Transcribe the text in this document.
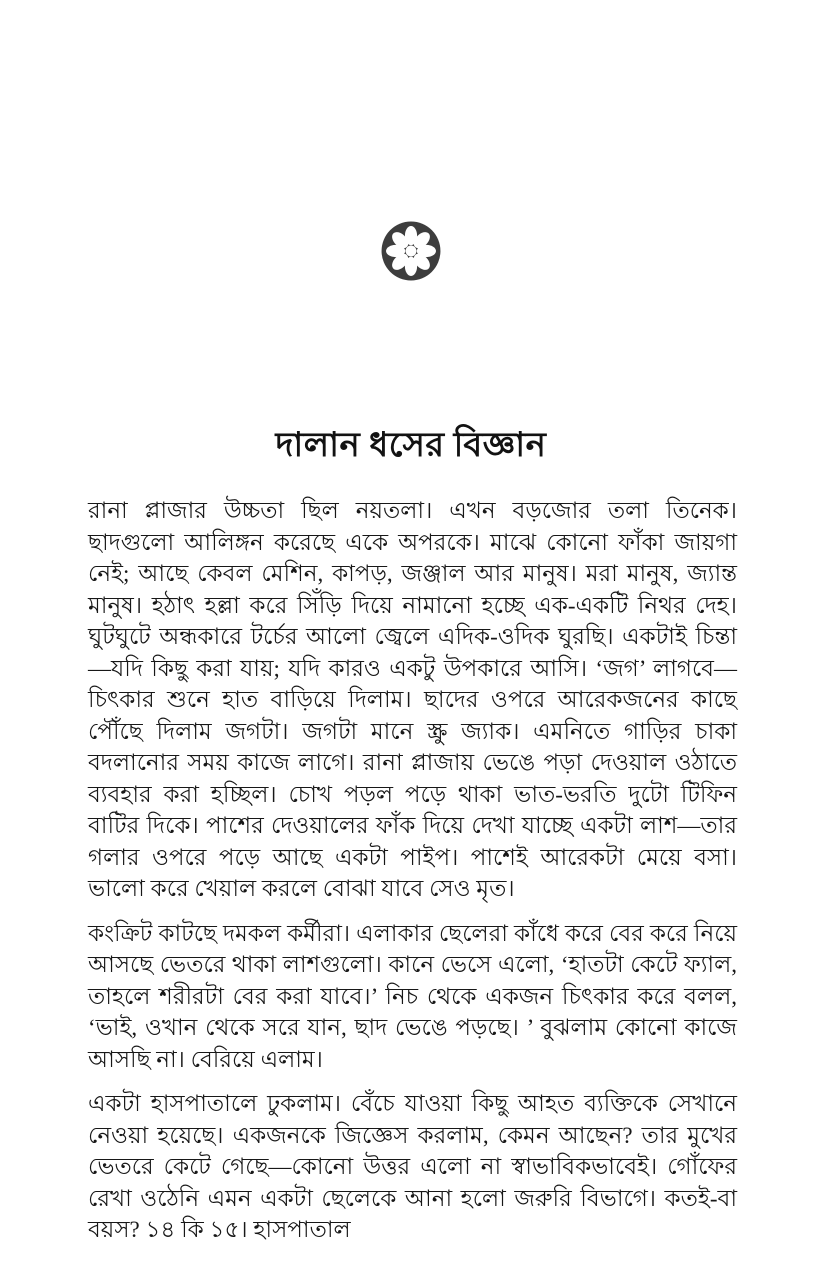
দালান ধসের বিজ্ঞান

রানা প্লাজার উচ্চতা ছিল নয়তলা। এখন বড়জোর তলা তিনেক। ছাদগুলো আলিঙ্গন করেছে একে অপরকে। মাঝে কোনো ফাঁকা জায়গা নেই; আছে কেবল মেশিন, কাপড়, জঞ্জাল আর মানুষ। মরা মানুষ, জ্যান্ত মানুষ। হঠাৎ হল্লা করে সিঁড়ি দিয়ে নামানো হচ্ছে এক-একটি নিথর দেহ। ঘুটঘুটে অন্ধকারে টর্চের আলো জ্বেলে এদিক-ওদিক ঘুরছি। একটাই চিন্তা—যদি কিছু করা যায়; যদি কারও একটু উপকারে আসি। ‘জগ’ লাগবে—চিৎকার শুনে হাত বাড়িয়ে দিলাম। ছাদের ওপরে আরেকজনের কাছে পৌঁছে দিলাম জগটা। জগটা মানে স্ক্রু জ্যাক। এমনিতে গাড়ির চাকা বদলানোর সময় কাজে লাগে। রানা প্লাজায় ভেঙে পড়া দেওয়াল ওঠাতে ব্যবহার করা হচ্ছিল। চোখ পড়ল পড়ে থাকা ভাত-ভরতি দুটো টিফিন বাটির দিকে। পাশের দেওয়ালের ফাঁক দিয়ে দেখা যাচ্ছে একটা লাশ—তার গলার ওপরে পড়ে আছে একটা পাইপ। পাশেই আরেকটা মেয়ে বসা। ভালো করে খেয়াল করলে বোঝা যাবে সেও মৃত।

কংক্রিট কাটছে দমকল কর্মীরা। এলাকার ছেলেরা কাঁধে করে বের করে নিয়ে আসছে ভেতরে থাকা লাশগুলো। কানে ভেসে এলো, ‘হাতটা কেটে ফ্যাল, তাহলে শরীরটা বের করা যাবে।’ নিচ থেকে একজন চিৎকার করে বলল, ‘ভাই, ওখান থেকে সরে যান, ছাদ ভেঙে পড়ছে। ’ বুঝলাম কোনো কাজে আসছি না। বেরিয়ে এলাম।

একটা হাসপাতালে ঢুকলাম। বেঁচে যাওয়া কিছু আহত ব্যক্তিকে সেখানে নেওয়া হয়েছে। একজনকে জিজ্ঞেস করলাম, কেমন আছেন? তার মুখের ভেতরে কেটে গেছে—কোনো উত্তর এলো না স্বাভাবিকভাবেই। গোঁফের রেখা ওঠেনি এমন একটা ছেলেকে আনা হলো জরুরি বিভাগে। কতই-বা বয়স? ১৪ কি ১৫। হাসপাতাল
